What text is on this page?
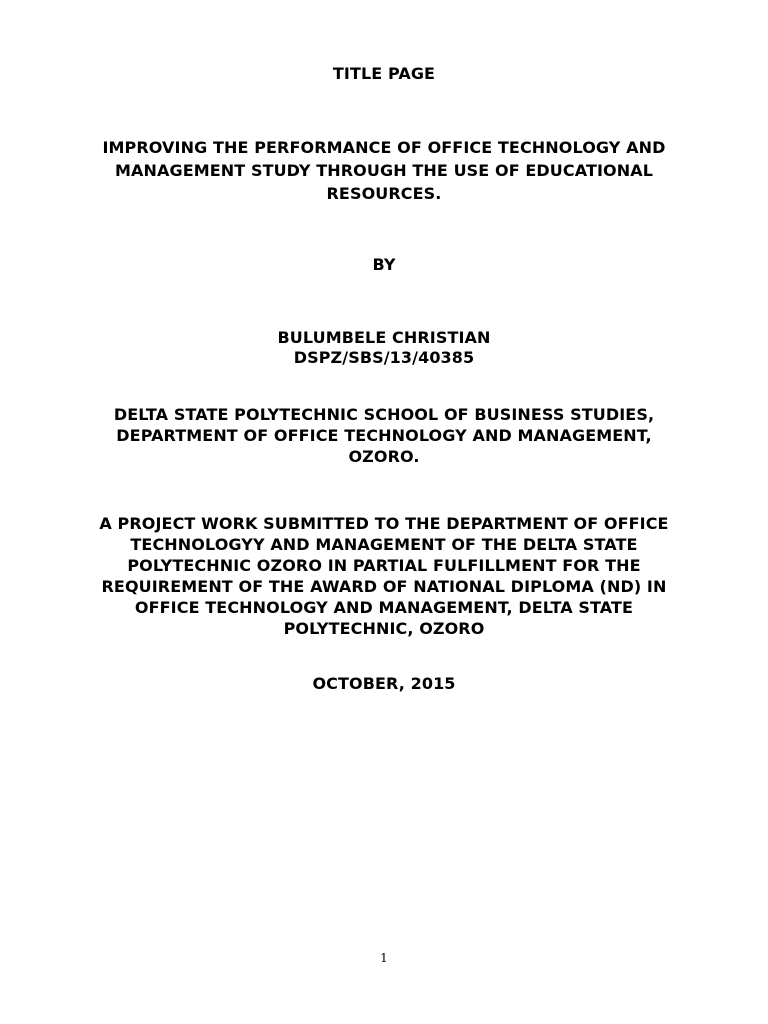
TITLE PAGE
IMPROVING THE PERFORMANCE OF OFFICE TECHNOLOGY AND
MANAGEMENT STUDY THROUGH THE USE OF EDUCATIONAL
RESOURCES.
BY
BULUMBELE CHRISTIAN
DSPZ/SBS/13/40385
DELTA STATE POLYTECHNIC SCHOOL OF BUSINESS STUDIES,
DEPARTMENT OF OFFICE TECHNOLOGY AND MANAGEMENT,
OZORO.
A PROJECT WORK SUBMITTED TO THE DEPARTMENT OF OFFICE
TECHNOLOGYY AND MANAGEMENT OF THE DELTA STATE
POLYTECHNIC OZORO IN PARTIAL FULFILLMENT FOR THE
REQUIREMENT OF THE AWARD OF NATIONAL DIPLOMA (ND) IN
OFFICE TECHNOLOGY AND MANAGEMENT, DELTA STATE
POLYTECHNIC, OZORO
OCTOBER, 2015
1
